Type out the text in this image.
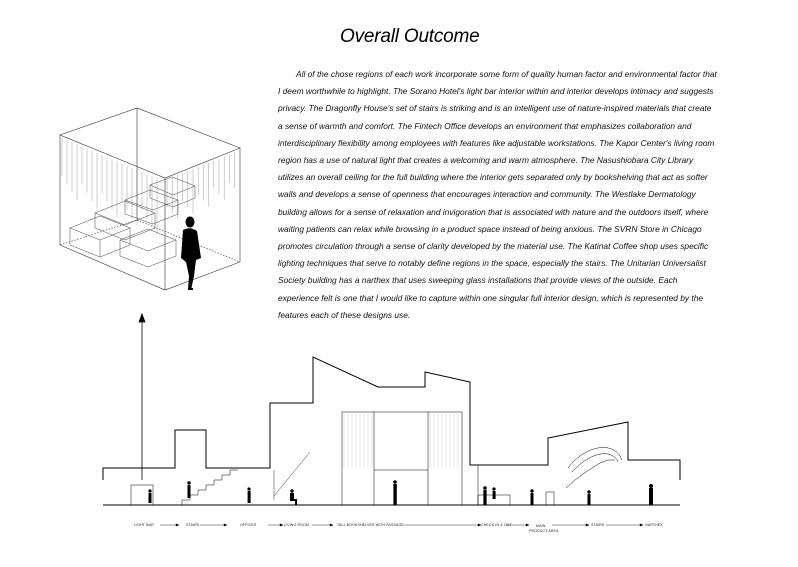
Overall Outcome

All of the chose regions of each work incorporate some form of quality human factor and environmental factor that I deem worthwhile to highlight. The Sorano Hotel's light bar interior within and interior develops intimacy and suggests privacy. The Dragonfly House's set of stairs is striking and is an intelligent use of nature-inspired materials that create a sense of warmth and comfort. The Fintech Office develops an environment that emphasizes collaboration and interdisciplinary flexibility among employees with features like adjustable workstations. The Kapor Center's living room region has a use of natural light that creates a welcoming and warm atmosphere. The Nasushiobara City Library utilizes an overall ceiling for the full building where the interior gets separated only by bookshelving that act as softer walls and develops a sense of openness that encourages interaction and community. The Westlake Dermatology building allows for a sense of relaxation and invigoration that is associated with nature and the outdoors itself, where waiting patients can relax while browsing in a product space instead of being anxious. The SVRN Store in Chicago promotes circulation through a sense of clarity developed by the material use. The Katinat Coffee shop uses specific lighting techniques that serve to notably define regions in the space, especially the stairs. The Unitarian Universalist Society building has a narthex that uses sweeping glass installations that provide views of the outside. Each experience felt is one that I would like to capture within one singular full interior design, which is represented by the features each of these designs use.

LIGHT BAR	STAIRS	OFFICES	LIVING ROOM	TALL BOOKSHELVES WITH PASSAGE	CHECK-IN & OUT	MAIN
PRODUCT AREA
STAIRS	NARTHEX
